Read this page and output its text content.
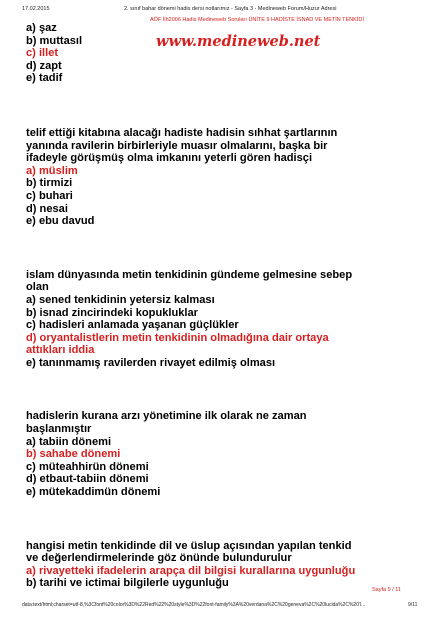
17.02.2015	2. sınıf bahar dönemi hadis dersi notlarımız - Sayfa 3 - Medineweb Forum/Huzur Adresi
AÖF İlh2006 Hadis Medineweb Soruları ÜNİTE 9 HADİSTE İSNAD VE METİN TENKİDİ
www.medineweb.net
a) şaz
b) muttasıl
c) illet
d) zapt
e) tadif
telif ettiği kitabına alacağı hadiste hadisin sıhhat şartlarının
yanında ravilerin birbirleriyle muasır olmalarını, başka bir
ifadeyle görüşmüş olma imkanını yeterli gören hadisçi
a) müslim
b) tirmizi
c) buhari
d) nesai
e) ebu davud
islam dünyasında metin tenkidinin gündeme gelmesine sebep
olan
a) sened tenkidinin yetersiz kalması
b) isnad zincirindeki kopukluklar
c) hadisleri anlamada yaşanan güçlükler
d) oryantalistlerin metin tenkidinin olmadığına dair ortaya
attıkları iddia
e) tanınmamış ravilerden rivayet edilmiş olması
hadislerin kurana arzı yönetimine ilk olarak ne zaman
başlanmıştır
a) tabiin dönemi
b) sahabe dönemi
c) müteahhirün dönemi
d) etbaut-tabiin dönemi
e) mütekaddimün dönemi
hangisi metin tenkidinde dil ve üslup açısından yapılan tenkid
ve değerlendirmelerinde göz önünde bulundurulur
a) rivayetteki ifadelerin arapça dil bilgisi kurallarına uygunluğu
b) tarihi ve ictimai bilgilerle uygunluğu
Sayfa 9 / 11
data:text/html;charset=utf-8,%3Cfont%20color%3D%22Red%22%20style%3D%22font-family%3A%20verdana%2C%20geneva%2C%20lucida%2C%20'l...	9/11
